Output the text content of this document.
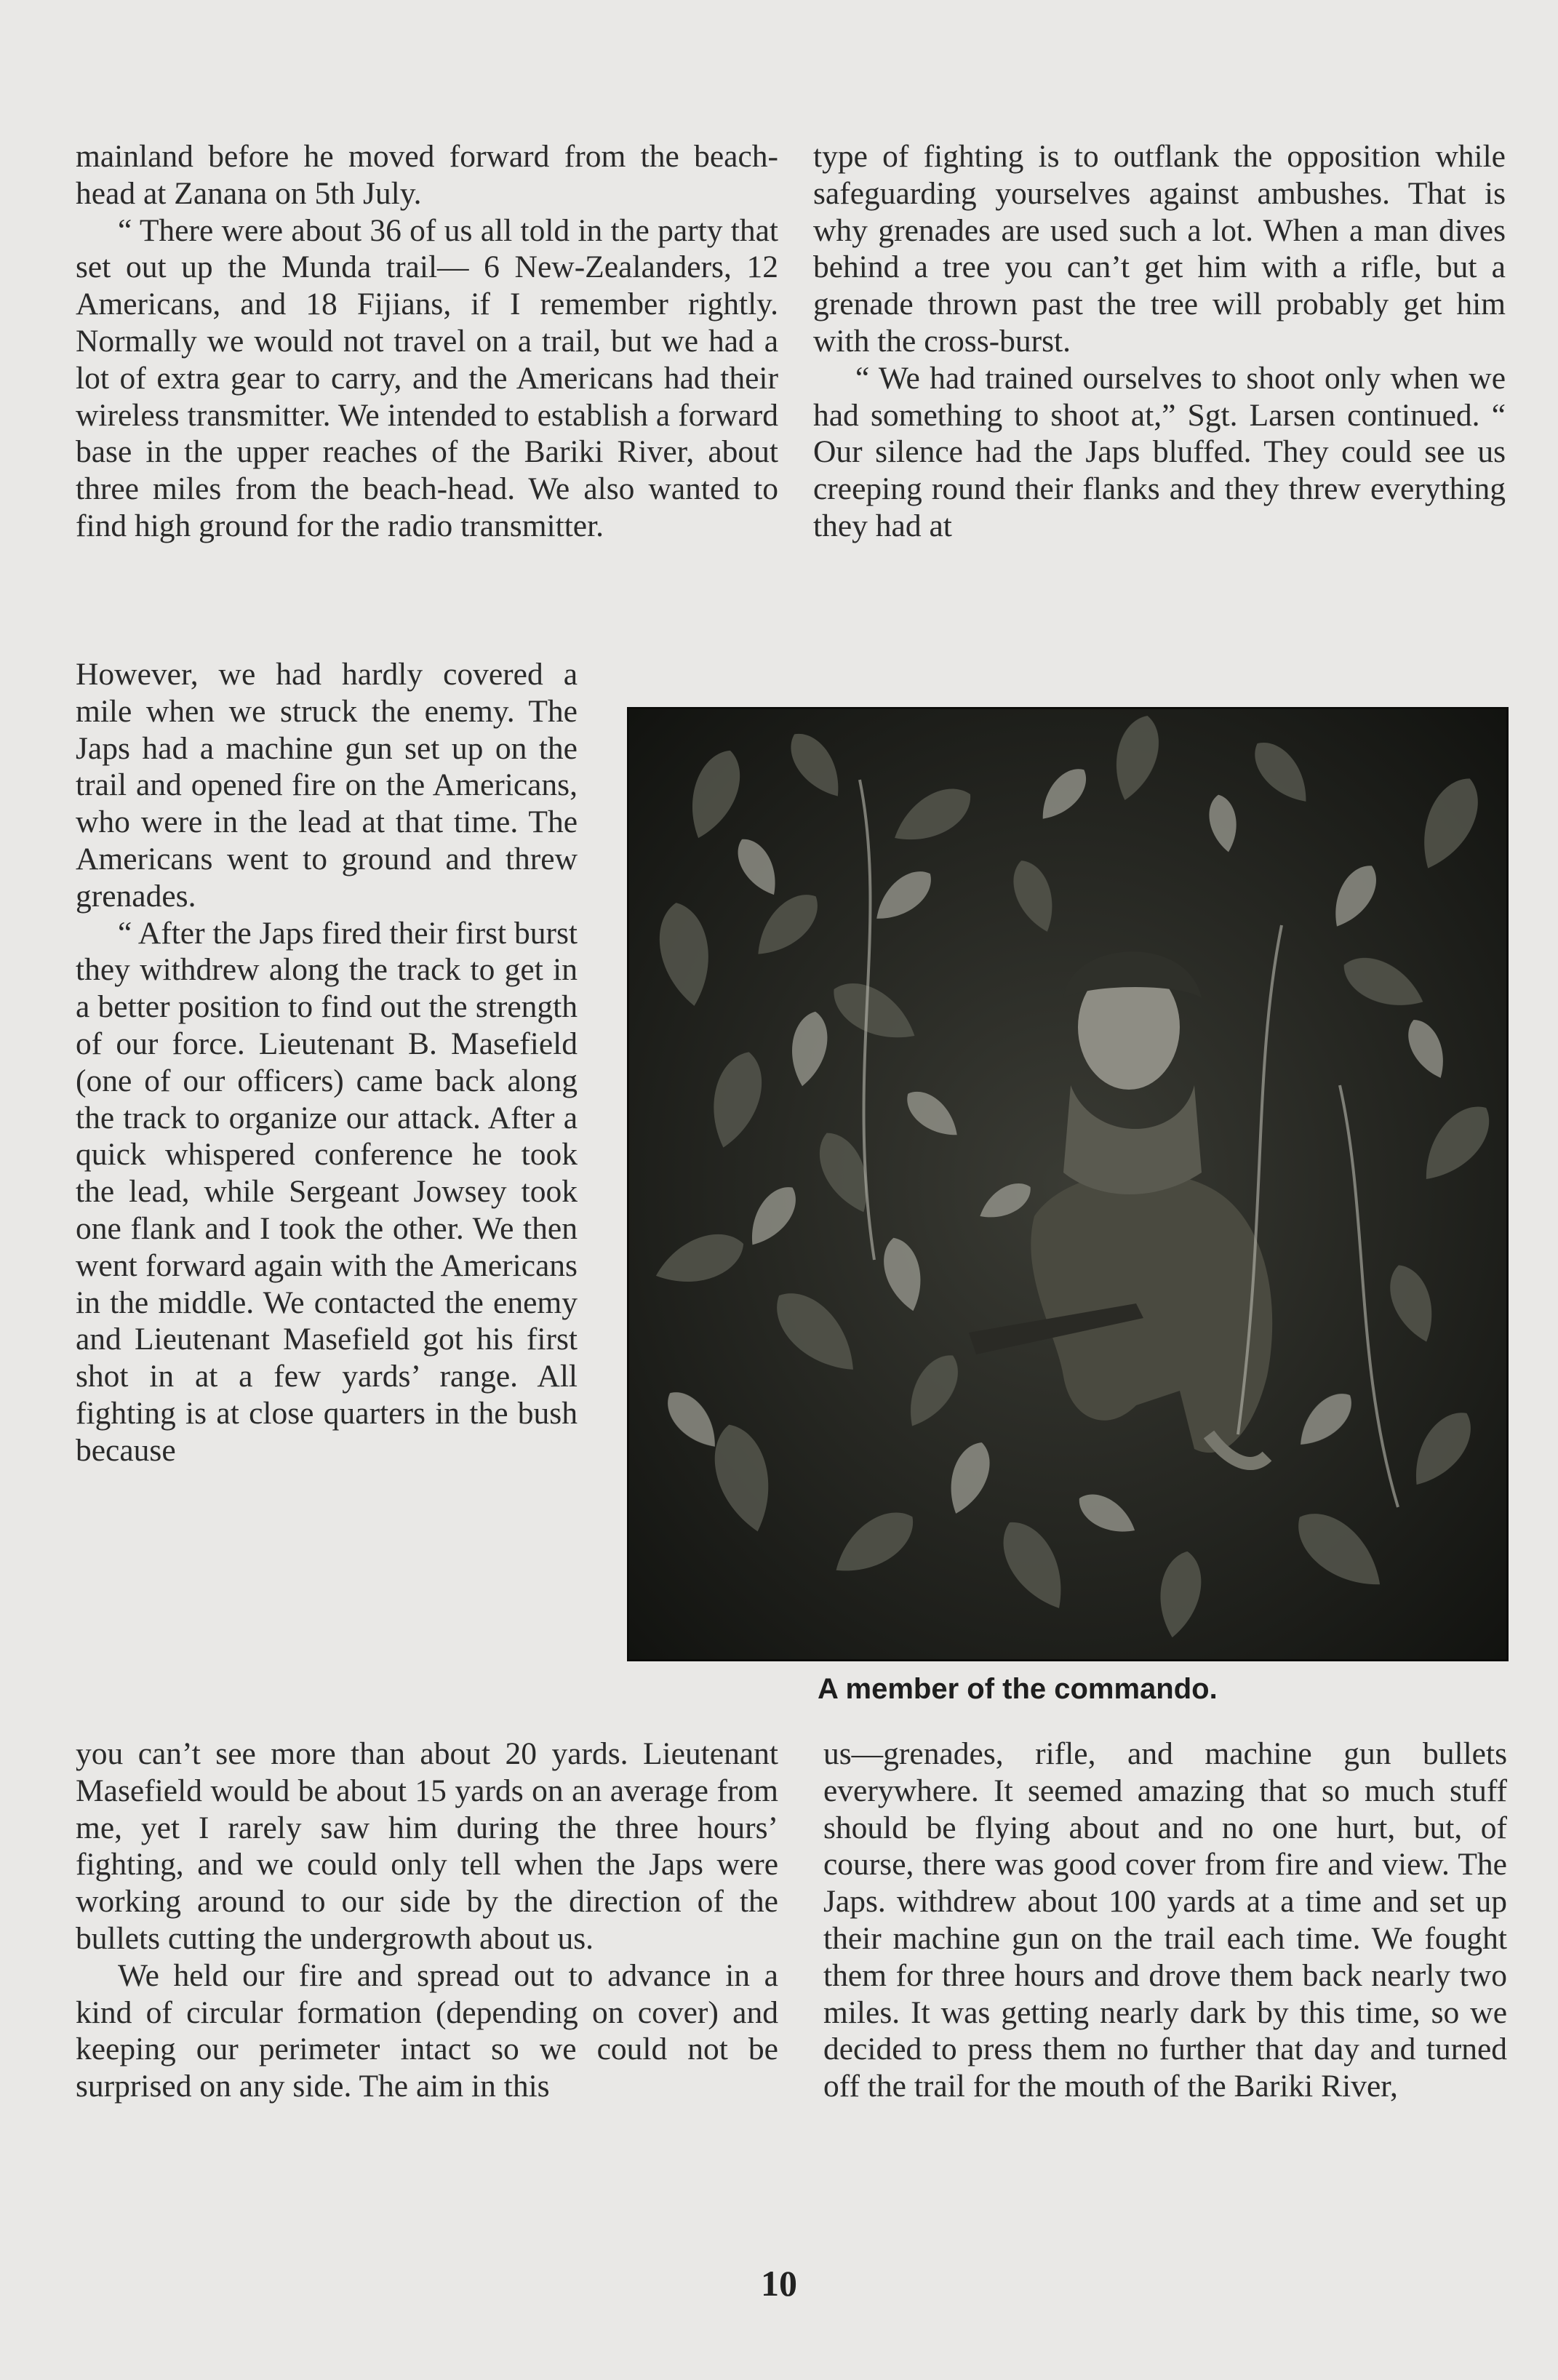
mainland before he moved forward from the beach-head at Zanana on 5th July.

“ There were about 36 of us all told in the party that set out up the Munda trail— 6 New-Zealanders, 12 Americans, and 18 Fijians, if I remember rightly. Normally we would not travel on a trail, but we had a lot of extra gear to carry, and the Americans had their wireless transmitter. We intended to establish a forward base in the upper reaches of the Bariki River, about three miles from the beach-head. We also wanted to find high ground for the radio transmitter.

However, we had hardly covered a mile when we struck the enemy. The Japs had a machine gun set up on the trail and opened fire on the Americans, who were in the lead at that time. The Americans went to ground and threw grenades.

“ After the Japs fired their first burst they withdrew along the track to get in a better position to find out the strength of our force. Lieutenant B. Masefield (one of our officers) came back along the track to organize our attack. After a quick whispered conference he took the lead, while Sergeant Jowsey took one flank and I took the other. We then went forward again with the Americans in the middle. We contacted the enemy and Lieutenant Masefield got his first shot in at a few yards’ range. All fighting is at close quarters in the bush because

you can’t see more than about 20 yards. Lieutenant Masefield would be about 15 yards on an average from me, yet I rarely saw him during the three hours’ fighting, and we could only tell when the Japs were working around to our side by the direction of the bullets cutting the undergrowth about us.

We held our fire and spread out to advance in a kind of circular formation (depending on cover) and keeping our perimeter intact so we could not be surprised on any side. The aim in this

type of fighting is to outflank the opposition while safeguarding yourselves against ambushes. That is why grenades are used such a lot. When a man dives behind a tree you can’t get him with a rifle, but a grenade thrown past the tree will probably get him with the cross-burst.

“ We had trained ourselves to shoot only when we had something to shoot at,” Sgt. Larsen continued. “ Our silence had the Japs bluffed. They could see us creeping round their flanks and they threw everything they had at

A member of the commando.

us—grenades, rifle, and machine gun bullets everywhere. It seemed amazing that so much stuff should be flying about and no one hurt, but, of course, there was good cover from fire and view. The Japs. withdrew about 100 yards at a time and set up their machine gun on the trail each time. We fought them for three hours and drove them back nearly two miles. It was getting nearly dark by this time, so we decided to press them no further that day and turned off the trail for the mouth of the Bariki River,

10
